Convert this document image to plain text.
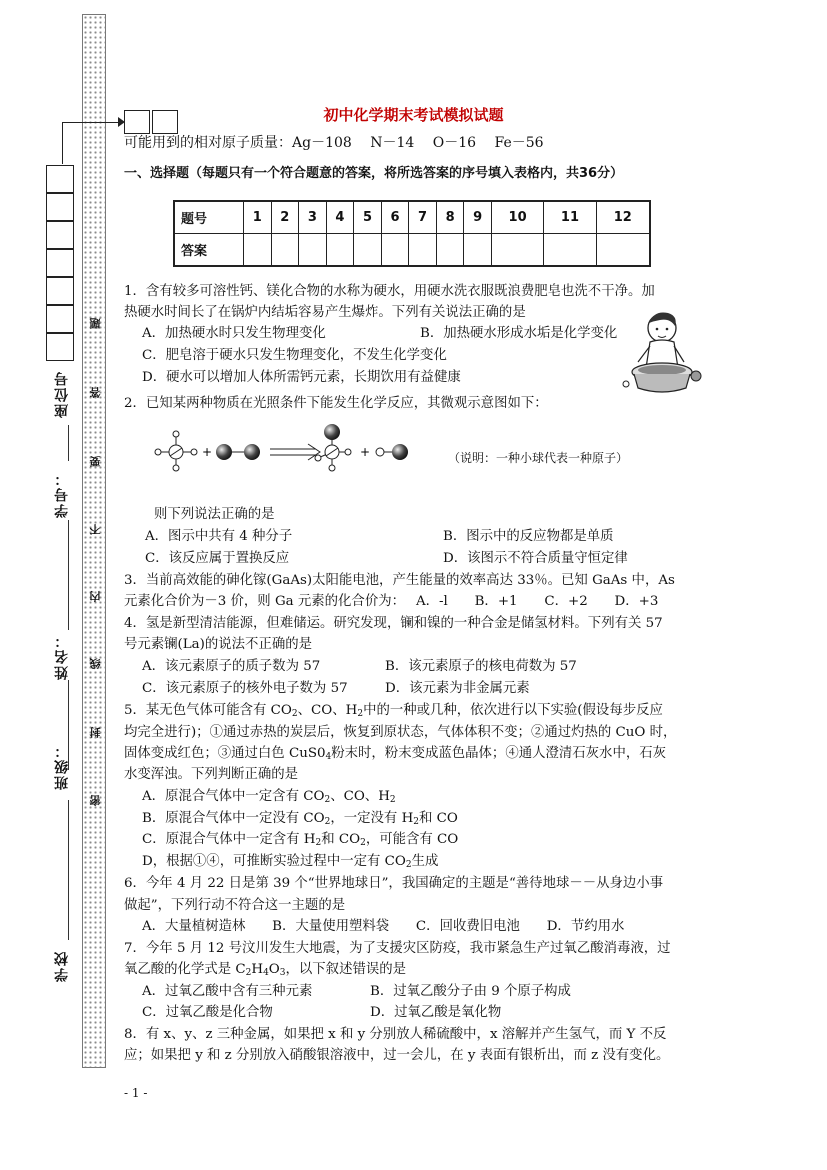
座位号
学号：
姓名：
班级：
学校
题
答
要
不
内
线
封
密
初中化学期末考试模拟试题
可能用到的相对原子质量：Ag－108　 N－14　 O－16　 Fe－56
一、选择题（每题只有一个符合题意的答案，将所选答案的序号填入表格内，共36分）
题号	1	2	3	4	5	6	7	8	9	10	11	12
答案												
1．含有较多可溶性钙、镁化合物的水称为硬水，用硬水洗衣服既浪费肥皂也洗不干净。加
热硬水时间长了在锅炉内结垢容易产生爆炸。下列有关说法正确的是
A．加热硬水时只发生物理变化	B．加热硬水形成水垢是化学变化
C．肥皂溶于硬水只发生物理变化，不发生化学变化
D．硬水可以增加人体所需钙元素，长期饮用有益健康
2．已知某两种物质在光照条件下能发生化学反应，其微观示意图如下：
+	+	（说明：一种小球代表一种原子）
则下列说法正确的是
A．图示中共有 4 种分子	B．图示中的反应物都是单质
C．该反应属于置换反应	D．该图示不符合质量守恒定律
3．当前高效能的砷化镓(GaAs)太阳能电池，产生能量的效率高达 33％。已知 GaAs 中，As
元素化合价为－3 价，则 Ga 元素的化合价为：　 A．-l　　B．+1　　C．+2　　D．+3
4．氢是新型清洁能源，但难储运。研究发现，镧和镍的一种合金是储氢材料。下列有关 57
号元素镧(La)的说法不正确的是
A．该元素原子的质子数为 57	B．该元素原子的核电荷数为 57
C．该元素原子的核外电子数为 57	D．该元素为非金属元素
5．某无色气体可能含有 $CO_2$、CO、$H_2$中的一种或几种，依次进行以下实验(假设每步反应
均完全进行)；①通过赤热的炭层后，恢复到原状态，气体体积不变；②通过灼热的 CuO 时，
固体变成红色；③通过白色 $CuS0_4$粉末时，粉末变成蓝色晶体；④通人澄清石灰水中，石灰
水变浑浊。下列判断正确的是
A．原混合气体中一定含有 $CO_2$、CO、$H_2$
B．原混合气体中一定没有 $CO_2$，一定没有 $H_2$和 CO
C．原混合气体中一定含有 $H_2$和 $CO_2$，可能含有 CO
D，根据①④，可推断实验过程中一定有 $CO_2$生成
6．今年 4 月 22 日是第 39 个“世界地球日”，我国确定的主题是“善待地球－－从身边小事
做起”，下列行动不符合这一主题的是
A．大量植树造林　　B．大量使用塑料袋　　C．回收费旧电池　　D．节约用水
7．今年 5 月 12 号汶川发生大地震，为了支援灾区防疫，我市紧急生产过氧乙酸消毒液，过
氧乙酸的化学式是 $C_2H_4O_3$，以下叙述错误的是
A．过氧乙酸中含有三种元素	B．过氧乙酸分子由 9 个原子构成
C．过氧乙酸是化合物	D．过氧乙酸是氧化物
8．有 x、y、z 三种金属，如果把 x 和 y 分别放人稀硫酸中，x 溶解并产生氢气，而 Y 不反
应；如果把 y 和 z 分别放入硝酸银溶液中，过一会儿，在 y 表面有银析出，而 z 没有变化。
- 1 -
